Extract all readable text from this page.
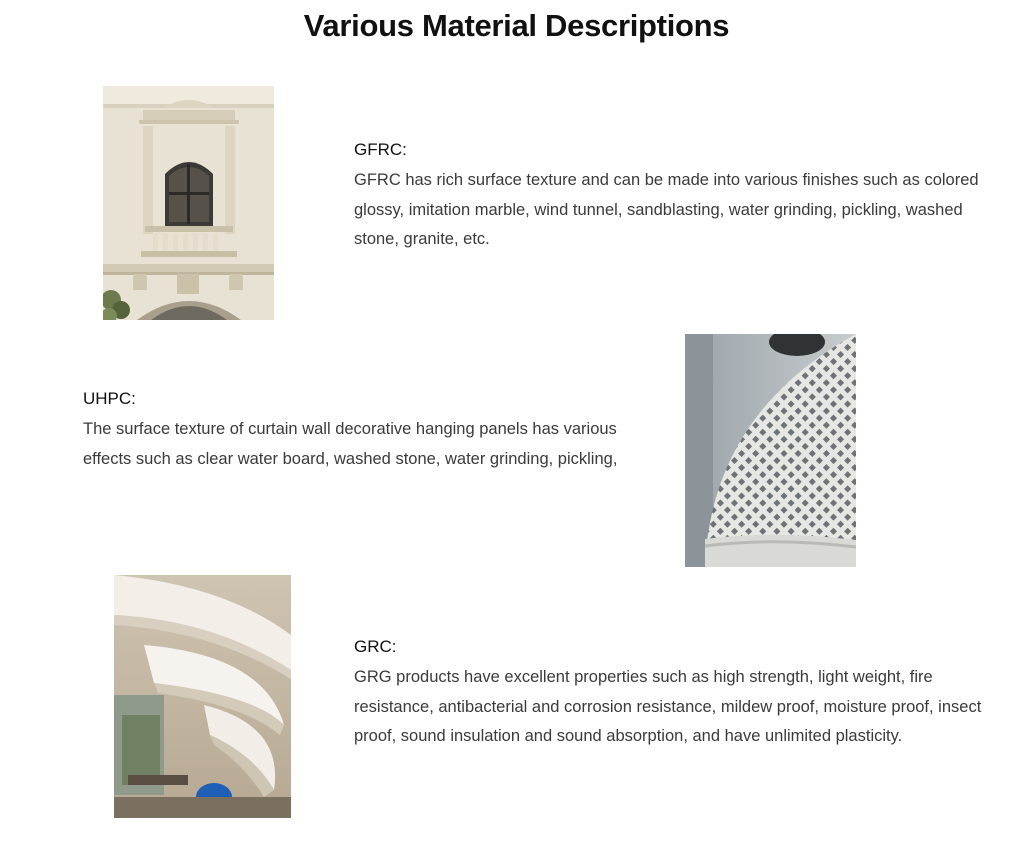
Various Material Descriptions

GFRC:

GFRC has rich surface texture and can be made into various finishes such as colored glossy, imitation marble, wind tunnel, sandblasting, water grinding, pickling, washed stone, granite, etc.

UHPC:

The surface texture of curtain wall decorative hanging panels has various effects such as clear water board, washed stone, water grinding, pickling,

GRC:

GRG products have excellent properties such as high strength, light weight, fire resistance, antibacterial and corrosion resistance, mildew proof, moisture proof, insect proof, sound insulation and sound absorption, and have unlimited plasticity.
